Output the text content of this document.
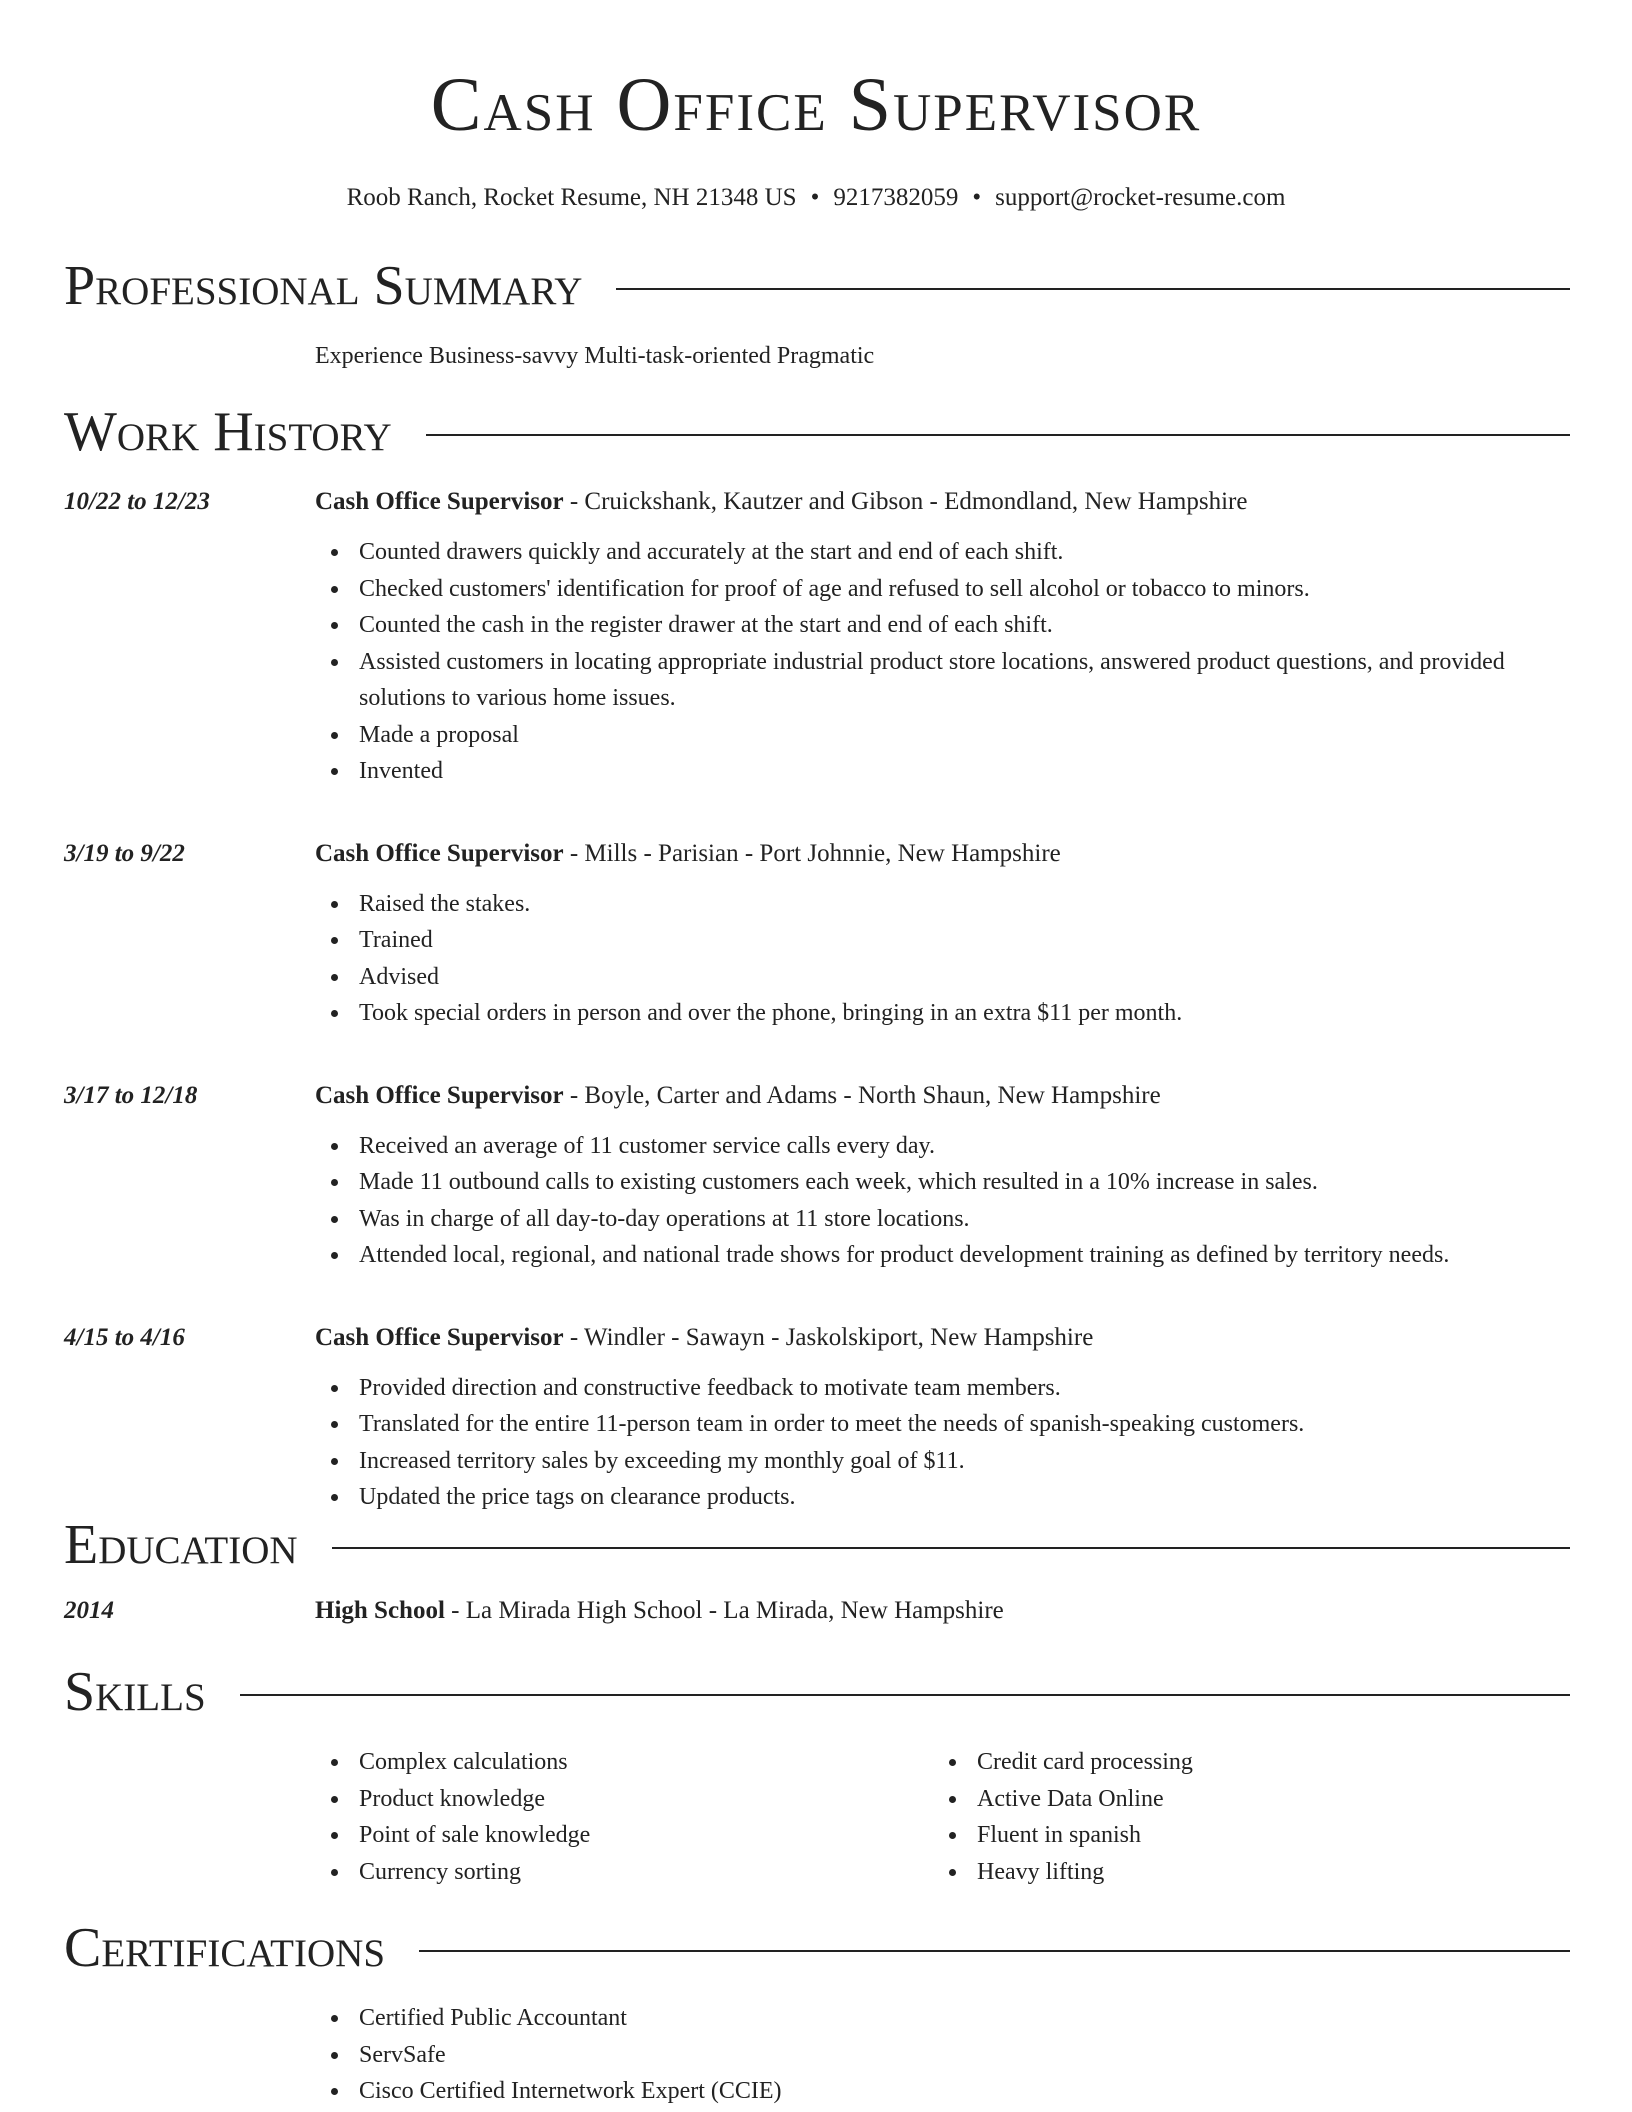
Cash Office Supervisor
Roob Ranch, Rocket Resume, NH 21348 US • 9217382059 • support@rocket-resume.com
Professional Summary
Experience Business-savvy Multi-task-oriented Pragmatic
Work History
10/22 to 12/23	Cash Office Supervisor - Cruickshank, Kautzer and Gibson - Edmondland, New Hampshire
Counted drawers quickly and accurately at the start and end of each shift.
Checked customers' identification for proof of age and refused to sell alcohol or tobacco to minors.
Counted the cash in the register drawer at the start and end of each shift.
Assisted customers in locating appropriate industrial product store locations, answered product questions, and provided solutions to various home issues.
Made a proposal
Invented
3/19 to 9/22	Cash Office Supervisor - Mills - Parisian - Port Johnnie, New Hampshire
Raised the stakes.
Trained
Advised
Took special orders in person and over the phone, bringing in an extra $11 per month.
3/17 to 12/18	Cash Office Supervisor - Boyle, Carter and Adams - North Shaun, New Hampshire
Received an average of 11 customer service calls every day.
Made 11 outbound calls to existing customers each week, which resulted in a 10% increase in sales.
Was in charge of all day-to-day operations at 11 store locations.
Attended local, regional, and national trade shows for product development training as defined by territory needs.
4/15 to 4/16	Cash Office Supervisor - Windler - Sawayn - Jaskolskiport, New Hampshire
Provided direction and constructive feedback to motivate team members.
Translated for the entire 11-person team in order to meet the needs of spanish-speaking customers.
Increased territory sales by exceeding my monthly goal of $11.
Updated the price tags on clearance products.
Education
2014	High School - La Mirada High School - La Mirada, New Hampshire
Skills
Complex calculations
Product knowledge
Point of sale knowledge
Currency sorting
Credit card processing
Active Data Online
Fluent in spanish
Heavy lifting
Certifications
Certified Public Accountant
ServSafe
Cisco Certified Internetwork Expert (CCIE)
